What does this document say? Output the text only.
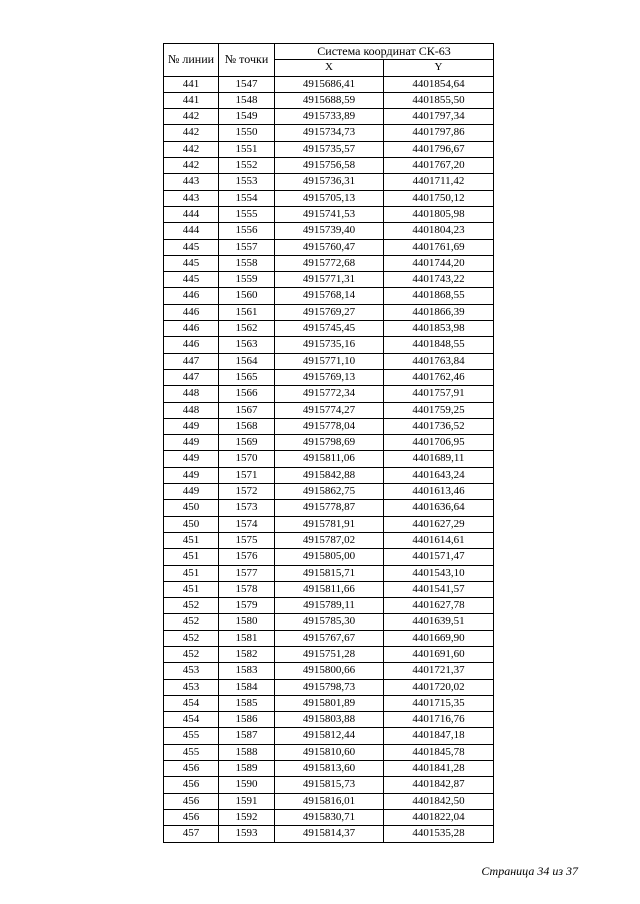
№ линии	№ точки	Система координат СК-63	
		X	Y
441	1547	4915686,41	4401854,64
441	1548	4915688,59	4401855,50
442	1549	4915733,89	4401797,34
442	1550	4915734,73	4401797,86
442	1551	4915735,57	4401796,67
442	1552	4915756,58	4401767,20
443	1553	4915736,31	4401711,42
443	1554	4915705,13	4401750,12
444	1555	4915741,53	4401805,98
444	1556	4915739,40	4401804,23
445	1557	4915760,47	4401761,69
445	1558	4915772,68	4401744,20
445	1559	4915771,31	4401743,22
446	1560	4915768,14	4401868,55
446	1561	4915769,27	4401866,39
446	1562	4915745,45	4401853,98
446	1563	4915735,16	4401848,55
447	1564	4915771,10	4401763,84
447	1565	4915769,13	4401762,46
448	1566	4915772,34	4401757,91
448	1567	4915774,27	4401759,25
449	1568	4915778,04	4401736,52
449	1569	4915798,69	4401706,95
449	1570	4915811,06	4401689,11
449	1571	4915842,88	4401643,24
449	1572	4915862,75	4401613,46
450	1573	4915778,87	4401636,64
450	1574	4915781,91	4401627,29
451	1575	4915787,02	4401614,61
451	1576	4915805,00	4401571,47
451	1577	4915815,71	4401543,10
451	1578	4915811,66	4401541,57
452	1579	4915789,11	4401627,78
452	1580	4915785,30	4401639,51
452	1581	4915767,67	4401669,90
452	1582	4915751,28	4401691,60
453	1583	4915800,66	4401721,37
453	1584	4915798,73	4401720,02
454	1585	4915801,89	4401715,35
454	1586	4915803,88	4401716,76
455	1587	4915812,44	4401847,18
455	1588	4915810,60	4401845,78
456	1589	4915813,60	4401841,28
456	1590	4915815,73	4401842,87
456	1591	4915816,01	4401842,50
456	1592	4915830,71	4401822,04
457	1593	4915814,37	4401535,28
Страница 34 из 37
